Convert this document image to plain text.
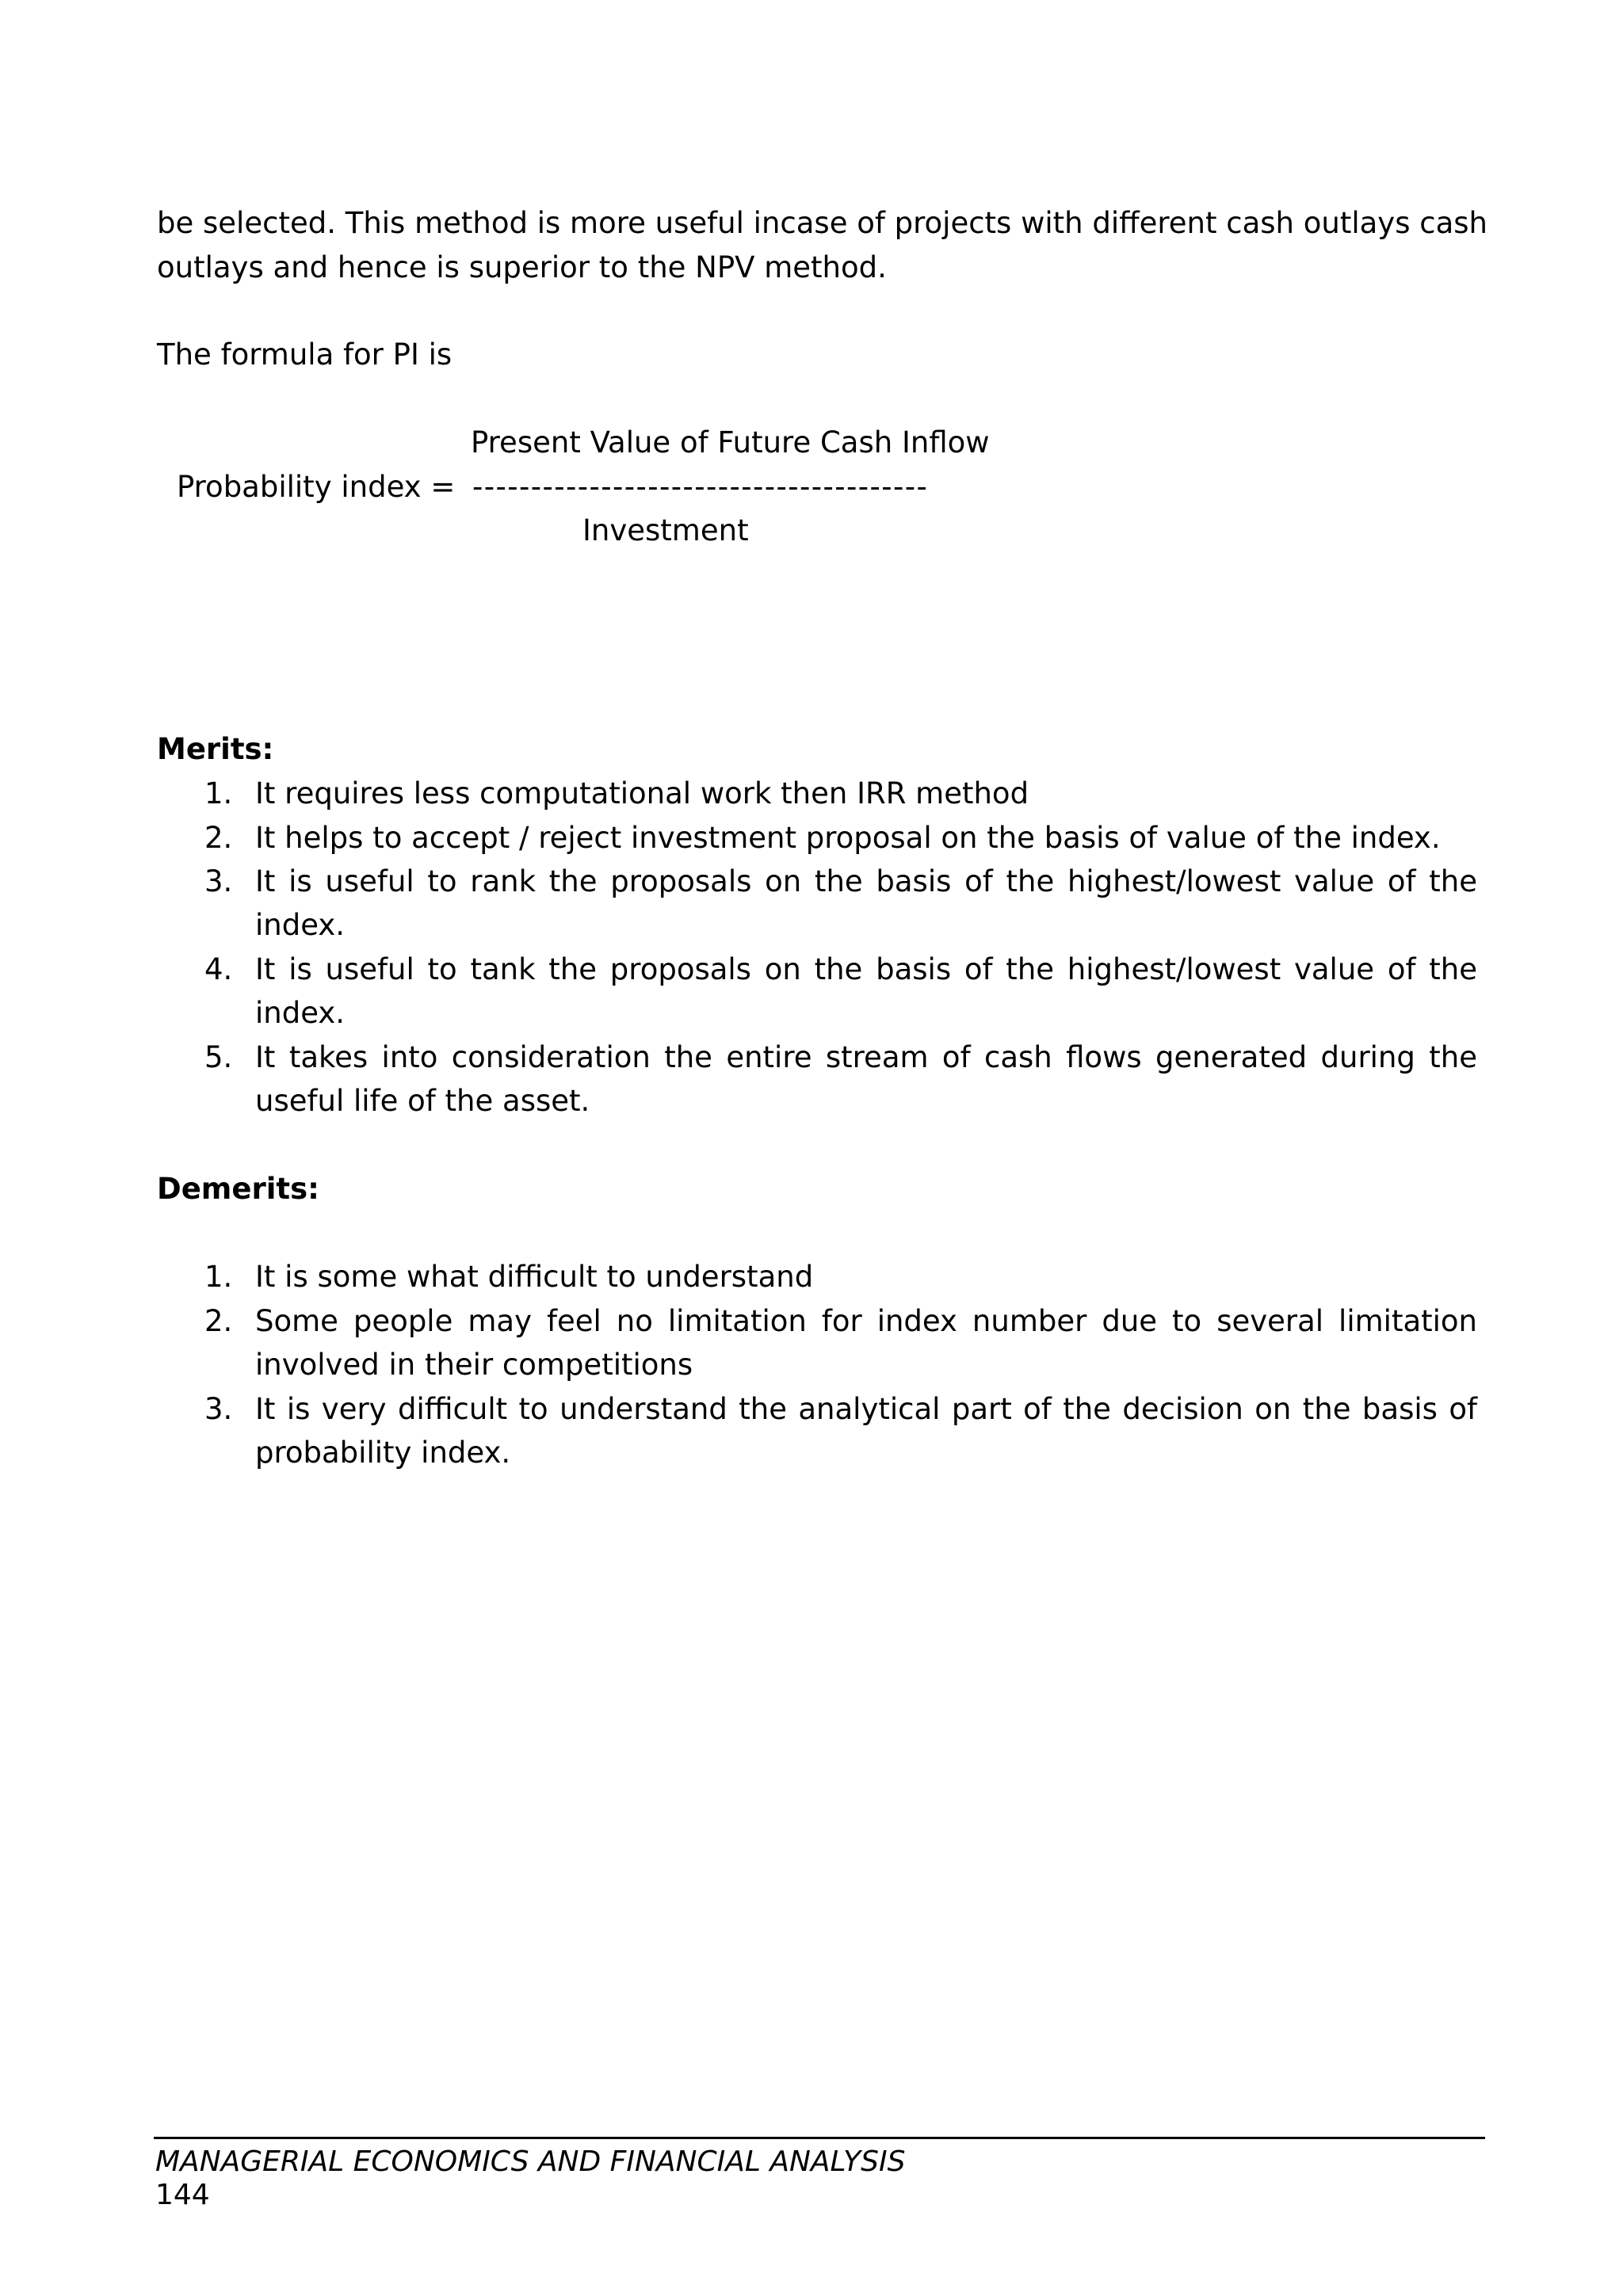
be selected. This method is more useful incase of projects with different cash outlays cash

outlays and hence is superior to the NPV method.

The formula for PI is

Present Value of Future Cash Inflow

Probability index = ---------------------------------------

Investment

Merits:

1. It requires less computational work then IRR method

2. It helps to accept / reject investment proposal on the basis of value of the index.

3. It is useful to rank the proposals on the basis of the highest/lowest value of the

index.

4. It is useful to tank the proposals on the basis of the highest/lowest value of the

index.

5. It takes into consideration the entire stream of cash flows generated during the

useful life of the asset.

Demerits:

1. It is some what difficult to understand

2. Some people may feel no limitation for index number due to several limitation

involved in their competitions

3. It is very difficult to understand the analytical part of the decision on the basis of

probability index.

MANAGERIAL ECONOMICS AND FINANCIAL ANALYSIS

144
